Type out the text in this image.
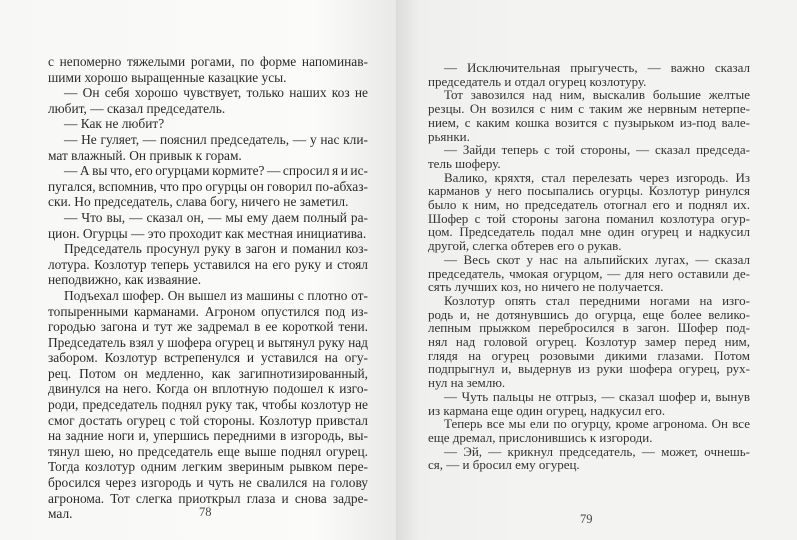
с непомерно тяжелыми рогами, по форме напоминав-
шими хорошо выращенные казацкие усы.
— Он себя хорошо чувствует, только наших коз не
любит, — сказал председатель.
— Как не любит?
— Не гуляет, — пояснил председатель, — у нас кли-
мат влажный. Он привык к горам.
— А вы что, его огурцами кормите? — спросил я и ис-
пугался, вспомнив, что про огурцы он говорил по-абхаз-
ски. Но председатель, слава богу, ничего не заметил.
— Что вы, — сказал он, — мы ему даем полный ра-
цион. Огурцы — это проходит как местная инициатива.
Председатель просунул руку в загон и поманил коз-
лотура. Козлотур теперь уставился на его руку и стоял
неподвижно, как изваяние.
Подъехал шофер. Он вышел из машины с плотно от-
топыренными карманами. Агроном опустился под из-
городью загона и тут же задремал в ее короткой тени.
Председатель взял у шофера огурец и вытянул руку над
забором. Козлотур встрепенулся и уставился на огу-
рец. Потом он медленно, как загипнотизированный,
двинулся на него. Когда он вплотную подошел к изго-
роди, председатель поднял руку так, чтобы козлотур не
смог достать огурец с той стороны. Козлотур привстал
на задние ноги и, упершись передними в изгородь, вы-
тянул шею, но председатель еще выше поднял огурец.
Тогда козлотур одним легким звериным рывком пере-
бросился через изгородь и чуть не свалился на голову
агронома. Тот слегка приоткрыл глаза и снова задре-
мал.	78
— Исключительная прыгучесть, — важно сказал
председатель и отдал огурец козлотуру.
Тот завозился над ним, выскалив большие желтые
резцы. Он возился с ним с таким же нервным нетерпе-
нием, с каким кошка возится с пузырьком из-под вале-
рьянки.
— Зайди теперь с той стороны, — сказал председа-
тель шоферу.
Валико, кряхтя, стал перелезать через изгородь. Из
карманов у него посыпались огурцы. Козлотур ринулся
было к ним, но председатель отогнал его и поднял их.
Шофер с той стороны загона поманил козлотура огур-
цом. Председатель подал мне один огурец и надкусил
другой, слегка обтерев его о рукав.
— Весь скот у нас на альпийских лугах, — сказал
председатель, чмокая огурцом, — для него оставили де-
сять лучших коз, но ничего не получается.
Козлотур опять стал передними ногами на изго-
родь и, не дотянувшись до огурца, еще более велико-
лепным прыжком перебросился в загон. Шофер под-
нял над головой огурец. Козлотур замер перед ним,
глядя на огурец розовыми дикими глазами. Потом
подпрыгнул и, выдернув из руки шофера огурец, рух-
нул на землю.
— Чуть пальцы не отгрыз, — сказал шофер и, вынув
из кармана еще один огурец, надкусил его.
Теперь все мы ели по огурцу, кроме агронома. Он все
еще дремал, прислонившись к изгороди.
— Эй, — крикнул председатель, — может, очнешь-
ся, — и бросил ему огурец.
79
